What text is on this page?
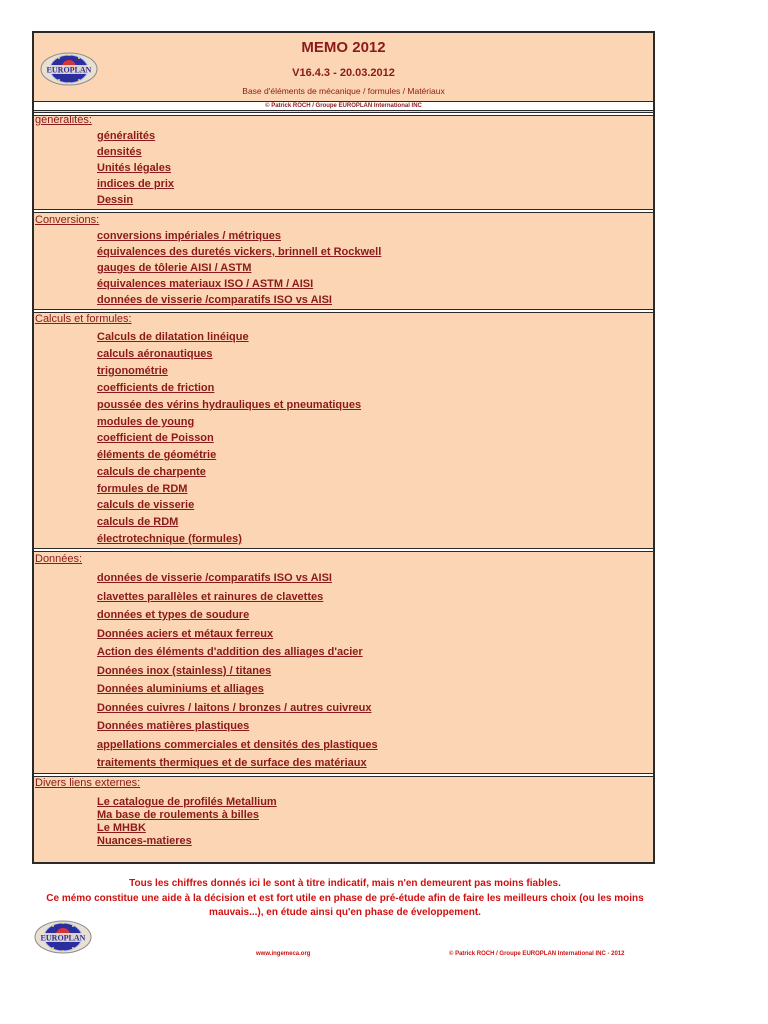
EUROPLAN
MEMO 2012
V16.4.3 - 20.03.2012
Base d'éléments de mécanique / formules / Matériaux
© Patrick ROCH / Groupe EUROPLAN International INC
généralités:
généralités
densités
Unités légales
indices de prix
Dessin
Conversions:
conversions impériales / métriques
équivalences des duretés vickers, brinnell et Rockwell
gauges de tôlerie AISI / ASTM
équivalences materiaux ISO / ASTM / AISI
données de visserie /comparatifs ISO vs AISI
Calculs et formules:
Calculs de dilatation linéique
calculs aéronautiques
trigonométrie
coefficients de friction
poussée des vérins hydrauliques et pneumatiques
modules de young
coefficient de Poisson
éléments de géométrie
calculs de charpente
formules de RDM
calculs de visserie
calculs de RDM
électrotechnique (formules)
Données:
données de visserie /comparatifs ISO vs AISI
clavettes parallèles et rainures de clavettes
données et types de soudure
Données aciers et métaux ferreux
Action des éléments d'addition des alliages d'acier
Données inox (stainless) / titanes
Données aluminiums et alliages
Données cuivres / laitons / bronzes / autres cuivreux
Données matières plastiques
appellations commerciales et densités des plastiques
traitements thermiques et de surface des matériaux
Divers liens externes:
Le catalogue de profilés Metallium
Ma base de roulements à billes
Le MHBK
Nuances-matieres
Tous les chiffres donnés ici le sont à titre indicatif, mais n'en demeurent pas moins fiables.
Ce mémo constitue une aide à la décision et est fort utile en phase de pré-étude afin de faire les meilleurs choix (ou les moins
mauvais...), en étude ainsi qu'en phase de éveloppement.
EUROPLAN
www.ingemeca.org	© Patrick ROCH / Groupe EUROPLAN International INC - 2012
